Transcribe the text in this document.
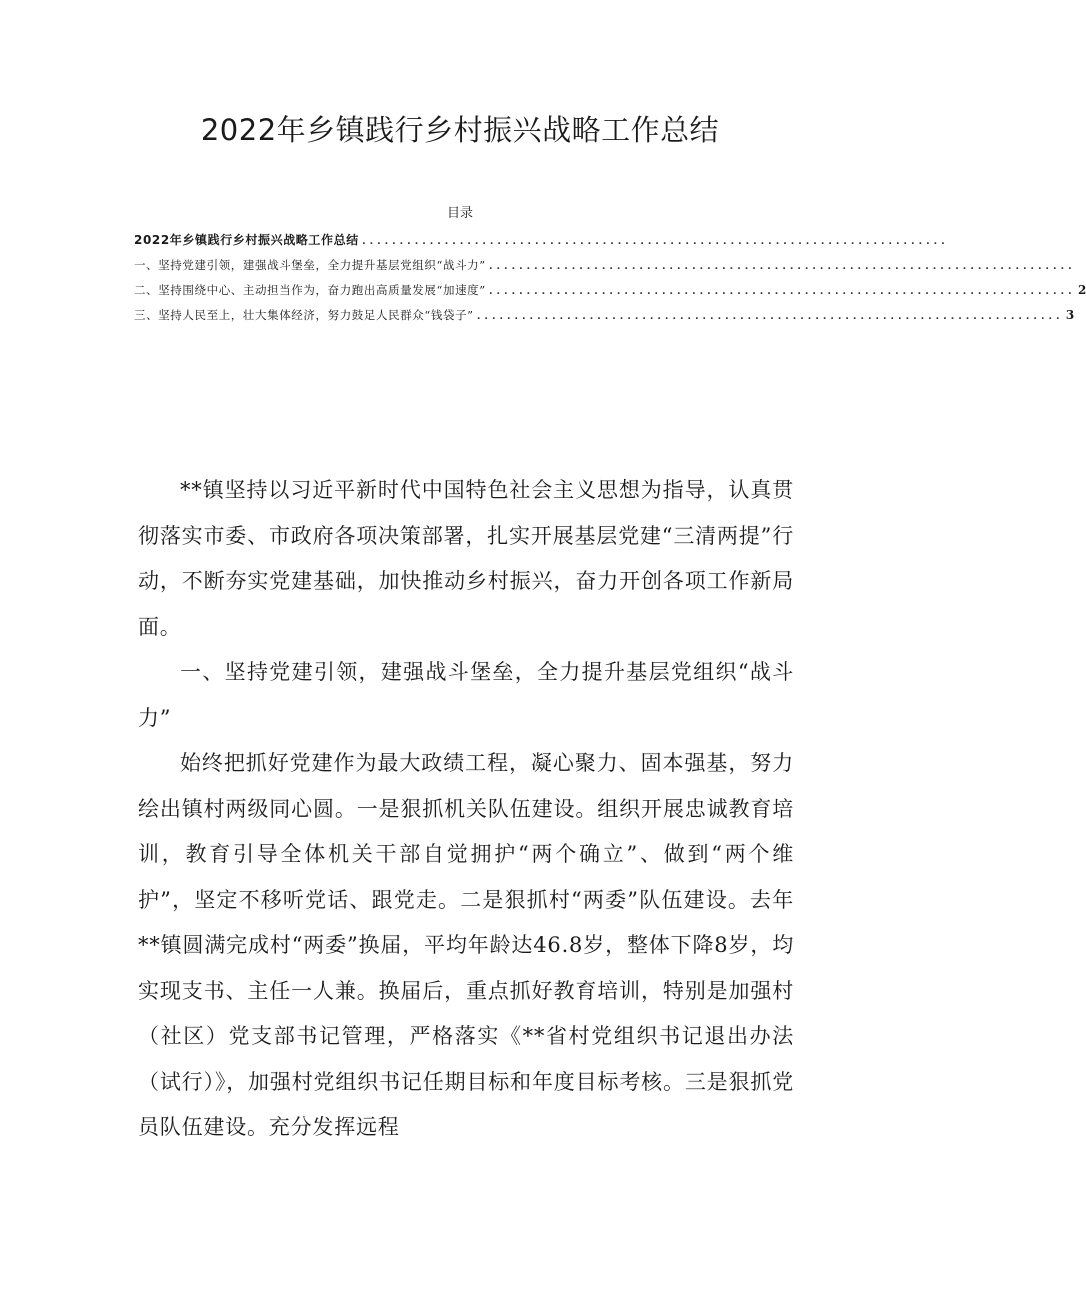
2022年乡镇践行乡村振兴战略工作总结
目录
2022年乡镇践行乡村振兴战略工作总结 ..............................................................................
一、坚持党建引领，建强战斗堡垒，全力提升基层党组织“战斗力” ..............................................................................
二、坚持围绕中心、主动担当作为，奋力跑出高质量发展“加速度” .............................................................................. 2
三、坚持人民至上，壮大集体经济，努力鼓足人民群众“钱袋子” .............................................................................. 3

**镇坚持以习近平新时代中国特色社会主义思想为指导，认真贯彻落实市委、市政府各项决策部署，扎实开展基层党建“三清两提”行动，不断夯实党建基础，加快推动乡村振兴，奋力开创各项工作新局面。

一、坚持党建引领，建强战斗堡垒，全力提升基层党组织“战斗力”

始终把抓好党建作为最大政绩工程，凝心聚力、固本强基，努力绘出镇村两级同心圆。一是狠抓机关队伍建设。组织开展忠诚教育培训，教育引导全体机关干部自觉拥护“两个确立”、做到“两个维护”，坚定不移听党话、跟党走。二是狠抓村“两委”队伍建设。去年**镇圆满完成村“两委”换届，平均年龄达46.8岁，整体下降8岁，均实现支书、主任一人兼。换届后，重点抓好教育培训，特别是加强村（社区）党支部书记管理，严格落实《**省村党组织书记退出办法（试行）》，加强村党组织书记任期目标和年度目标考核。三是狠抓党员队伍建设。充分发挥远程
